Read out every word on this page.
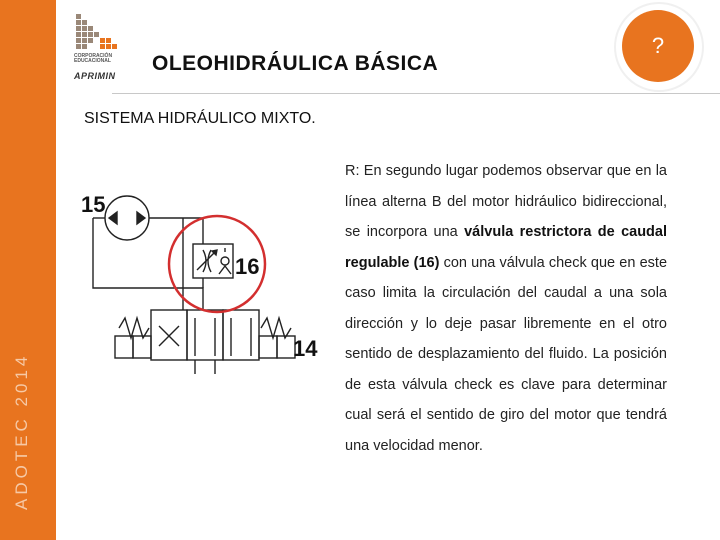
ADOTEC 2014
CORPORACIÓN
EDUCACIONAL
APRIMIN
OLEOHIDRÁULICA BÁSICA
?
SISTEMA HIDRÁULICO MIXTO.
15
16
14
R: En segundo lugar podemos observar que en la línea alterna B del motor hidráulico bidireccional, se incorpora una válvula restrictora de caudal regulable (16) con una válvula check que en este caso limita la circulación del caudal a una sola dirección y lo deje pasar libremente en el otro sentido de desplazamiento del fluido. La posición de esta válvula check es clave para determinar cual será el sentido de giro del motor que tendrá una velocidad menor.
